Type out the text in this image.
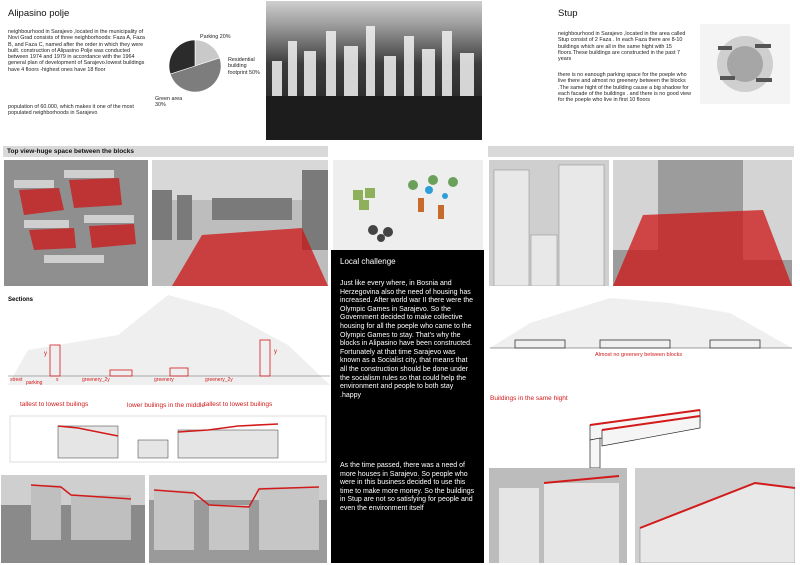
Alipasino polje
neighbourhood in Sarajevo ,located in the municipality of Novi Grad consists of three neighborhoods: Faza A, Faza B, and Faza C, named after the order in which they were built. construction of Alipasino Polje was conducted between 1974 and 1979 in accordance with the 1964 general plan of development of Sarajevo.lowest buildings have 4 floors -highest ones have 18 floor
population of 60.000, which makes it one of the most populated neighborhoods in Sarajevo
Parking 20%
Residential building footprint 50%
Green area 30%
Stup
neighbourhood in Sarajevo ,located in the area called Stup consist of 2 Faza . In each Faza there are 8-10 buildings which are all in the same hight with 15 floors.These buildings are constructed in the past 7 years
there is no eanough parking space for the poeple who live there and almost no greenery between the blocks .The same hight of the building cause a big shadow for each facade of the buildings . and there is no good view for the poeple who live in first 10 floors
Top view-huge space between the blocks
Local challenge
Just like every where, in Bosnia and Herzegovina also the need of housing has increased. After world war II there were the Olympic Games in Sarajevo. So the Government decided to make collective housing for all the poeple who came to the Olympic Games to stay. That's why the blocks in Alipasino have been constructed. Fortunately at that time Sarajevo was known as a Socialist city, that means that all the construction should be done under the socialism rules so that could help the environment and people to both stay .happy
As the time passed, there was a need of more houses in Sarajevo. So people who were in this business decided to use this time to make more money. So the buildings in Stup are not so satisfying for people and even the environment itself
Sections
y	y
x
street parking	greenery_2y	greenery	greenery_2y
tallest to lowest builings	lower builings in the middle
tallest to lowest builings
Almost no greenery between blocks
Buildings in the same hight
